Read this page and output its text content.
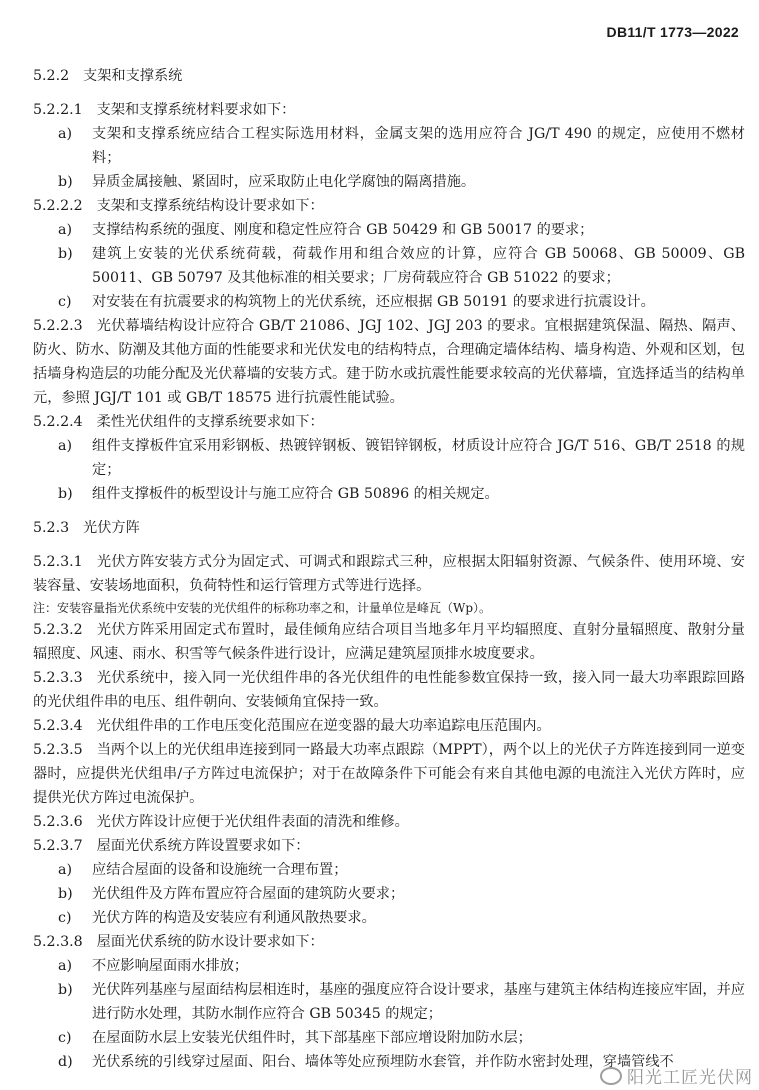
DB11/T 1773—2022
5.2.2 支架和支撑系统
5.2.2.1 支架和支撑系统材料要求如下：
a) 支架和支撑系统应结合工程实际选用材料，金属支架的选用应符合 JG/T 490 的规定，应使用不燃材料；
b) 异质金属接触、紧固时，应采取防止电化学腐蚀的隔离措施。
5.2.2.2 支架和支撑系统结构设计要求如下：
a) 支撑结构系统的强度、刚度和稳定性应符合 GB 50429 和 GB 50017 的要求；
b) 建筑上安装的光伏系统荷载，荷载作用和组合效应的计算，应符合 GB 50068、GB 50009、GB 50011、GB 50797 及其他标准的相关要求；厂房荷载应符合 GB 51022 的要求；
c) 对安装在有抗震要求的构筑物上的光伏系统，还应根据 GB 50191 的要求进行抗震设计。
5.2.2.3 光伏幕墙结构设计应符合 GB/T 21086、JGJ 102、JGJ 203 的要求。宜根据建筑保温、隔热、隔声、防火、防水、防潮及其他方面的性能要求和光伏发电的结构特点，合理确定墙体结构、墙身构造、外观和区划，包括墙身构造层的功能分配及光伏幕墙的安装方式。建于防水或抗震性能要求较高的光伏幕墙，宜选择适当的结构单元，参照 JGJ/T 101 或 GB/T 18575 进行抗震性能试验。
5.2.2.4 柔性光伏组件的支撑系统要求如下：
a) 组件支撑板件宜采用彩钢板、热镀锌钢板、镀铝锌钢板，材质设计应符合 JG/T 516、GB/T 2518 的规定；
b) 组件支撑板件的板型设计与施工应符合 GB 50896 的相关规定。
5.2.3 光伏方阵
5.2.3.1 光伏方阵安装方式分为固定式、可调式和跟踪式三种，应根据太阳辐射资源、气候条件、使用环境、安装容量、安装场地面积，负荷特性和运行管理方式等进行选择。
注：安装容量指光伏系统中安装的光伏组件的标称功率之和，计量单位是峰瓦（Wp）。
5.2.3.2 光伏方阵采用固定式布置时，最佳倾角应结合项目当地多年月平均辐照度、直射分量辐照度、散射分量辐照度、风速、雨水、积雪等气候条件进行设计，应满足建筑屋顶排水坡度要求。
5.2.3.3 光伏系统中，接入同一光伏组件串的各光伏组件的电性能参数宜保持一致，接入同一最大功率跟踪回路的光伏组件串的电压、组件朝向、安装倾角宜保持一致。
5.2.3.4 光伏组件串的工作电压变化范围应在逆变器的最大功率追踪电压范围内。
5.2.3.5 当两个以上的光伏组串连接到同一路最大功率点跟踪（MPPT），两个以上的光伏子方阵连接到同一逆变器时，应提供光伏组串/子方阵过电流保护；对于在故障条件下可能会有来自其他电源的电流注入光伏方阵时，应提供光伏方阵过电流保护。
5.2.3.6 光伏方阵设计应便于光伏组件表面的清洗和维修。
5.2.3.7 屋面光伏系统方阵设置要求如下：
a) 应结合屋面的设备和设施统一合理布置；
b) 光伏组件及方阵布置应符合屋面的建筑防火要求；
c) 光伏方阵的构造及安装应有利通风散热要求。
5.2.3.8 屋面光伏系统的防水设计要求如下：
a) 不应影响屋面雨水排放；
b) 光伏阵列基座与屋面结构层相连时，基座的强度应符合设计要求，基座与建筑主体结构连接应牢固，并应进行防水处理，其防水制作应符合 GB 50345 的规定；
c) 在屋面防水层上安装光伏组件时，其下部基座下部应增设附加防水层；
d) 光伏系统的引线穿过屋面、阳台、墙体等处应预埋防水套管，并作防水密封处理，穿墙管线不
阳光工匠光伏网
